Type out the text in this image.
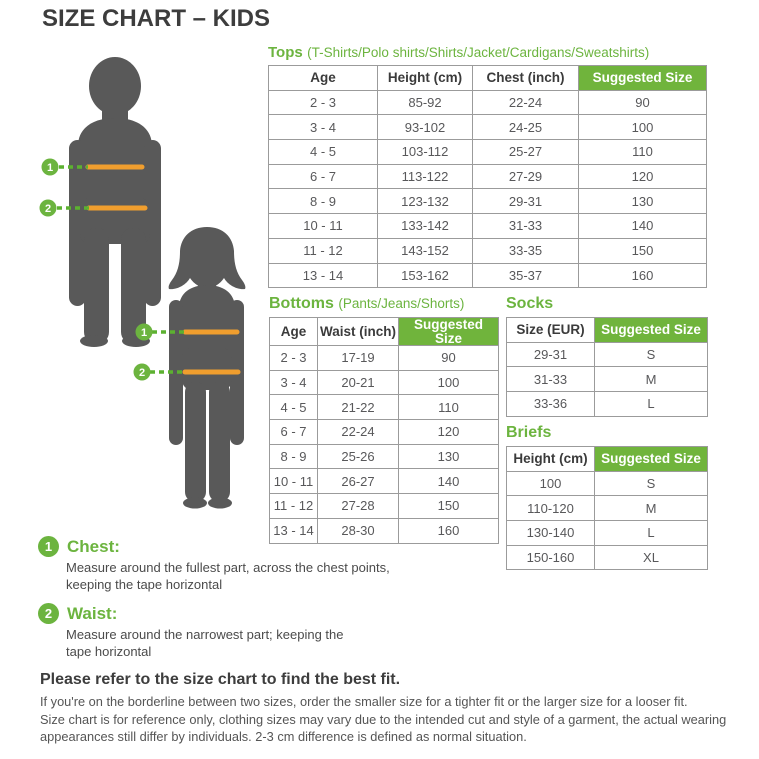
SIZE CHART – KIDS
1
2
1
2
Tops (T-Shirts/Polo shirts/Shirts/Jacket/Cardigans/Sweatshirts)
Age	Height (cm)	Chest (inch)	Suggested Size
2 - 3	85-92	22-24	90
3 - 4	93-102	24-25	100
4 - 5	103-112	25-27	110
6 - 7	113-122	27-29	120
8 - 9	123-132	29-31	130
10 - 11	133-142	31-33	140
11 - 12	143-152	33-35	150
13 - 14	153-162	35-37	160
Bottoms (Pants/Jeans/Shorts)
Age	Waist (inch)	Suggested Size
2 - 3	17-19	90
3 - 4	20-21	100
4 - 5	21-22	110
6 - 7	22-24	120
8 - 9	25-26	130
10 - 11	26-27	140
11 - 12	27-28	150
13 - 14	28-30	160
Socks
Size (EUR)	Suggested Size
29-31	S
31-33	M
33-36	L
Briefs
Height (cm)	Suggested Size
100	S
110-120	M
130-140	L
150-160	XL
1 Chest:
Measure around the fullest part, across the chest points, keeping the tape horizontal
2 Waist:
Measure around the narrowest part; keeping the tape horizontal
Please refer to the size chart to find the best fit.
If you're on the borderline between two sizes, order the smaller size for a tighter fit or the larger size for a looser fit.
Size chart is for reference only, clothing sizes may vary due to the intended cut and style of a garment, the actual wearing appearances still differ by individuals. 2-3 cm difference is defined as normal situation.
